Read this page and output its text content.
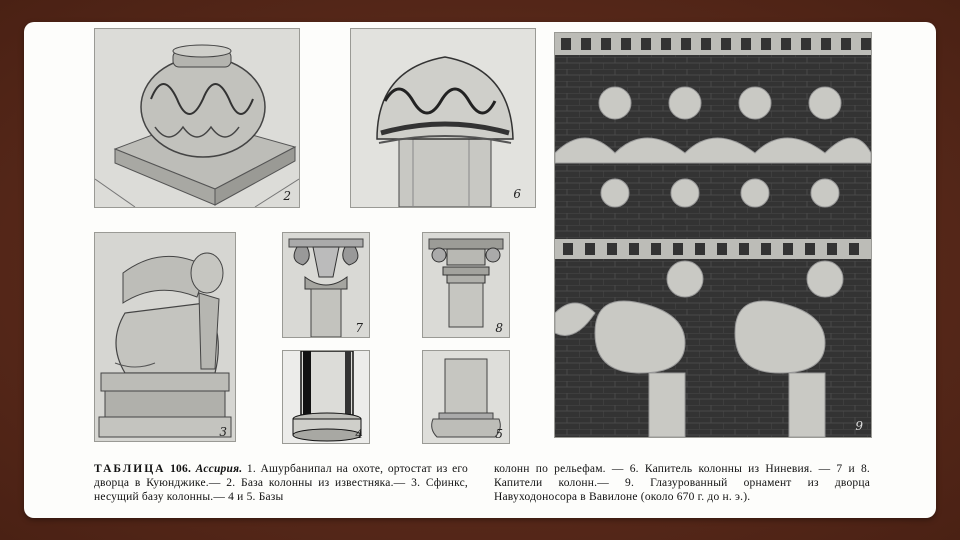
2	6
9
3
7	8
4	5
ТАБЛИЦА 106. Ассирия. 1. Ашурбанипал на охоте, ортостат из его дворца в Куюнджике.— 2. База колонны из известняка.— 3. Сфинкс, несущий базу колонны.— 4 и 5. Базы
колонн по рельефам. — 6. Капитель колонны из Ниневия. — 7 и 8. Капители колонн.— 9. Глазурованный орнамент из дворца Навуходоносора в Вавилоне (около 670 г. до н. э.).
